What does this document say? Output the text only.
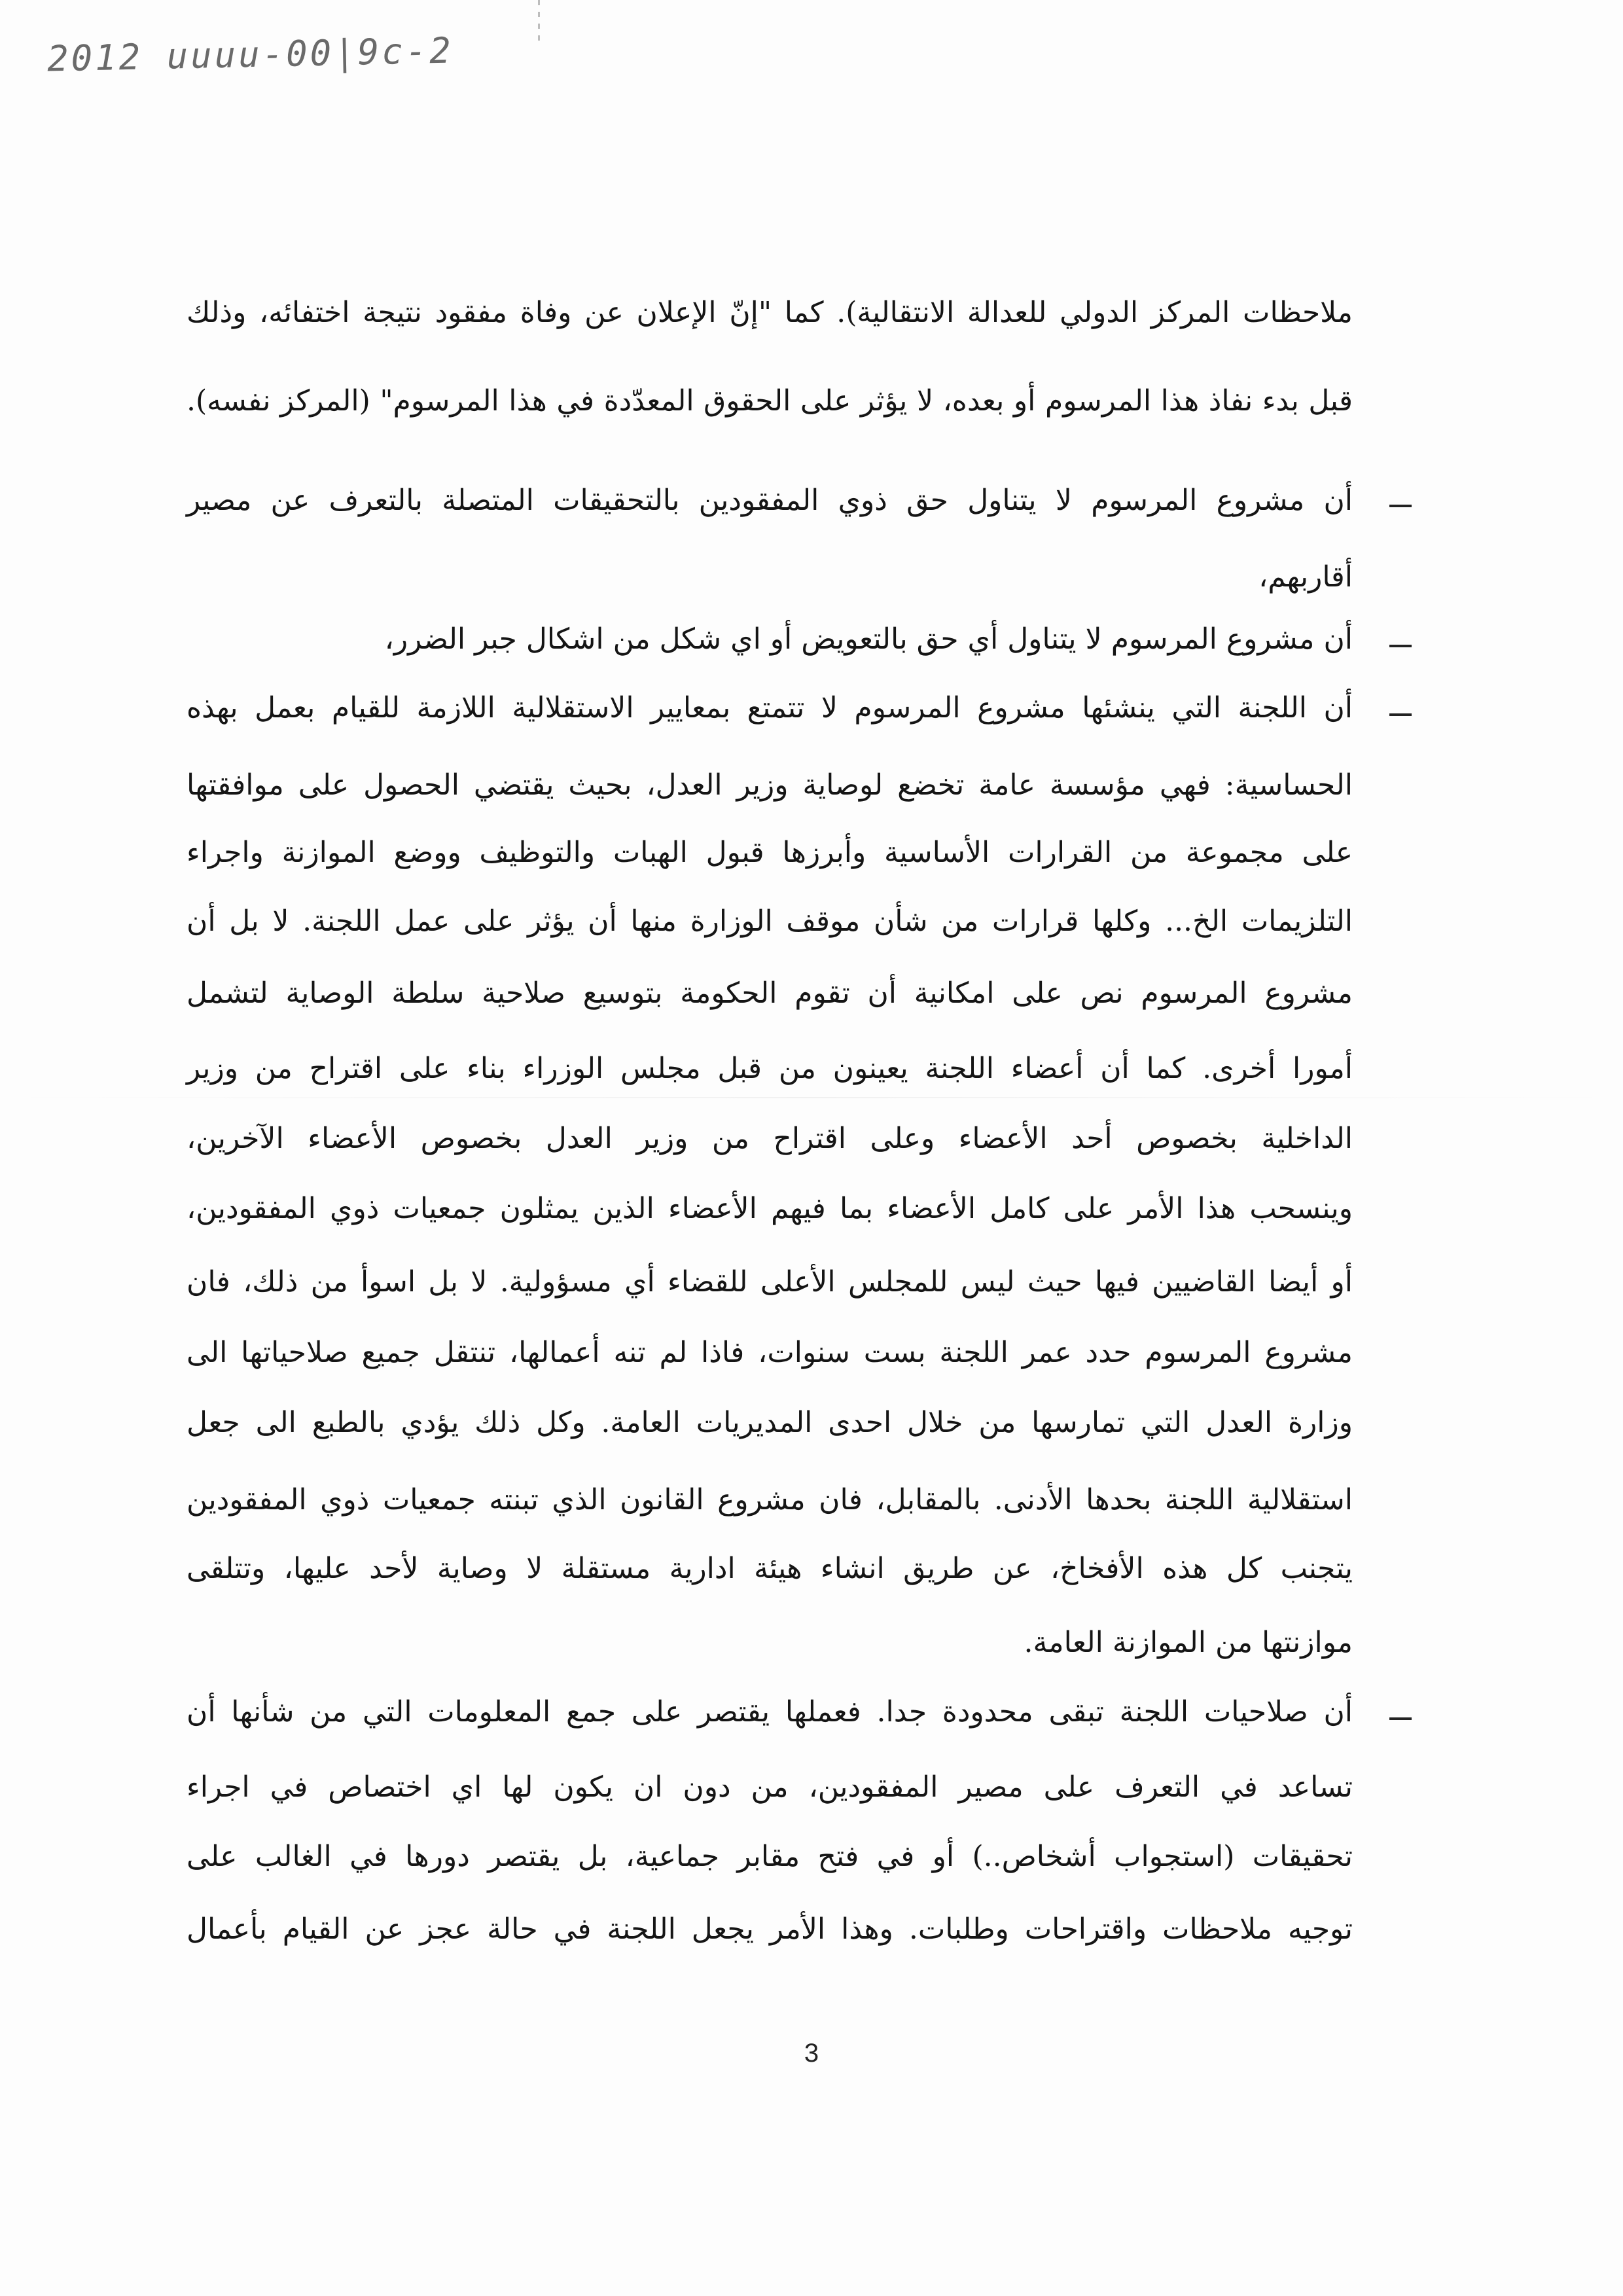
2012 uuuu-00|9c-2
ملاحظات المركز الدولي للعدالة الانتقالية). كما "إنّ الإعلان عن وفاة مفقود نتيجة اختفائه، وذلك
قبل بدء نفاذ هذا المرسوم أو بعده، لا يؤثر على الحقوق المعدّدة في هذا المرسوم" (المركز نفسه).
أن مشروع المرسوم لا يتناول حق ذوي المفقودين بالتحقيقات المتصلة بالتعرف عن مصير
أقاربهم،
أن مشروع المرسوم لا يتناول أي حق بالتعويض أو اي شكل من اشكال جبر الضرر،
أن اللجنة التي ينشئها مشروع المرسوم لا تتمتع بمعايير الاستقلالية اللازمة للقيام بعمل بهذه
الحساسية: فهي مؤسسة عامة تخضع لوصاية وزير العدل، بحيث يقتضي الحصول على موافقتها
على مجموعة من القرارات الأساسية وأبرزها قبول الهبات والتوظيف ووضع الموازنة واجراء
التلزيمات الخ... وكلها قرارات من شأن موقف الوزارة منها أن يؤثر على عمل اللجنة. لا بل أن
مشروع المرسوم نص على امكانية أن تقوم الحكومة بتوسيع صلاحية سلطة الوصاية لتشمل
أمورا أخرى. كما أن أعضاء اللجنة يعينون من قبل مجلس الوزراء بناء على اقتراح من وزير
الداخلية بخصوص أحد الأعضاء وعلى اقتراح من وزير العدل بخصوص الأعضاء الآخرين،
وينسحب هذا الأمر على كامل الأعضاء بما فيهم الأعضاء الذين يمثلون جمعيات ذوي المفقودين،
أو أيضا القاضيين فيها حيث ليس للمجلس الأعلى للقضاء أي مسؤولية. لا بل اسوأ من ذلك، فان
مشروع المرسوم حدد عمر اللجنة بست سنوات، فاذا لم تنه أعمالها، تنتقل جميع صلاحياتها الى
وزارة العدل التي تمارسها من خلال احدى المديريات العامة. وكل ذلك يؤدي بالطبع الى جعل
استقلالية اللجنة بحدها الأدنى. بالمقابل، فان مشروع القانون الذي تبنته جمعيات ذوي المفقودين
يتجنب كل هذه الأفخاخ، عن طريق انشاء هيئة ادارية مستقلة لا وصاية لأحد عليها، وتتلقى
موازنتها من الموازنة العامة.
أن صلاحيات اللجنة تبقى محدودة جدا. فعملها يقتصر على جمع المعلومات التي من شأنها أن
تساعد في التعرف على مصير المفقودين، من دون ان يكون لها اي اختصاص في اجراء
تحقيقات (استجواب أشخاص..) أو في فتح مقابر جماعية، بل يقتصر دورها في الغالب على
توجيه ملاحظات واقتراحات وطلبات. وهذا الأمر يجعل اللجنة في حالة عجز عن القيام بأعمال
3
